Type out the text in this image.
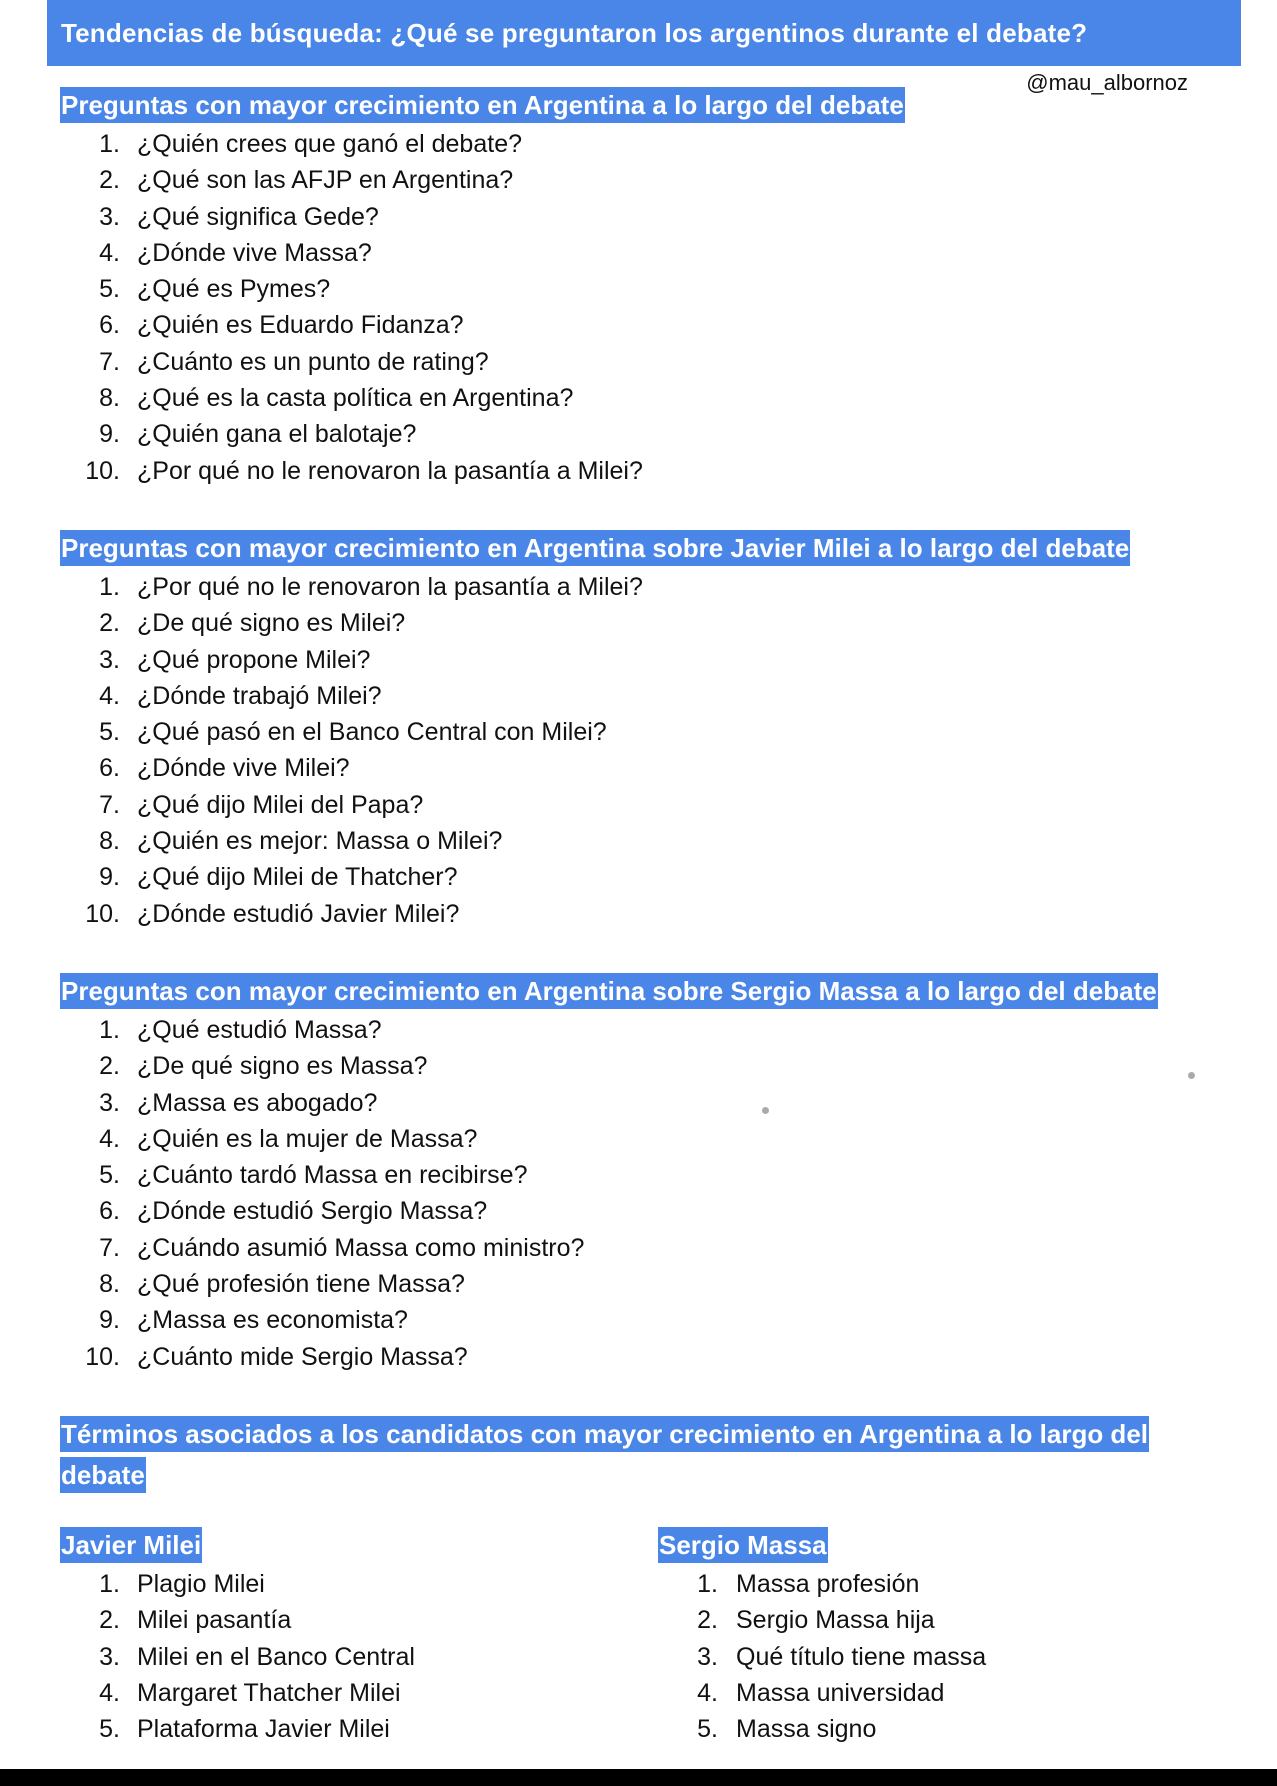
Tendencias de búsqueda: ¿Qué se preguntaron los argentinos durante el debate?
@mau_albornoz
Preguntas con mayor crecimiento en Argentina a lo largo del debate
1. ¿Quién crees que ganó el debate?
2. ¿Qué son las AFJP en Argentina?
3. ¿Qué significa Gede?
4. ¿Dónde vive Massa?
5. ¿Qué es Pymes?
6. ¿Quién es Eduardo Fidanza?
7. ¿Cuánto es un punto de rating?
8. ¿Qué es la casta política en Argentina?
9. ¿Quién gana el balotaje?
10. ¿Por qué no le renovaron la pasantía a Milei?
Preguntas con mayor crecimiento en Argentina sobre Javier Milei a lo largo del debate
1. ¿Por qué no le renovaron la pasantía a Milei?
2. ¿De qué signo es Milei?
3. ¿Qué propone Milei?
4. ¿Dónde trabajó Milei?
5. ¿Qué pasó en el Banco Central con Milei?
6. ¿Dónde vive Milei?
7. ¿Qué dijo Milei del Papa?
8. ¿Quién es mejor: Massa o Milei?
9. ¿Qué dijo Milei de Thatcher?
10. ¿Dónde estudió Javier Milei?
Preguntas con mayor crecimiento en Argentina sobre Sergio Massa a lo largo del debate
1. ¿Qué estudió Massa?
2. ¿De qué signo es Massa?
3. ¿Massa es abogado?
4. ¿Quién es la mujer de Massa?
5. ¿Cuánto tardó Massa en recibirse?
6. ¿Dónde estudió Sergio Massa?
7. ¿Cuándo asumió Massa como ministro?
8. ¿Qué profesión tiene Massa?
9. ¿Massa es economista?
10. ¿Cuánto mide Sergio Massa?
Términos asociados a los candidatos con mayor crecimiento en Argentina a lo largo del
debate
Javier Milei	Sergio Massa
1. Plagio Milei
2. Milei pasantía
3. Milei en el Banco Central
4. Margaret Thatcher Milei
5. Plataforma Javier Milei
1. Massa profesión
2. Sergio Massa hija
3. Qué título tiene massa
4. Massa universidad
5. Massa signo
